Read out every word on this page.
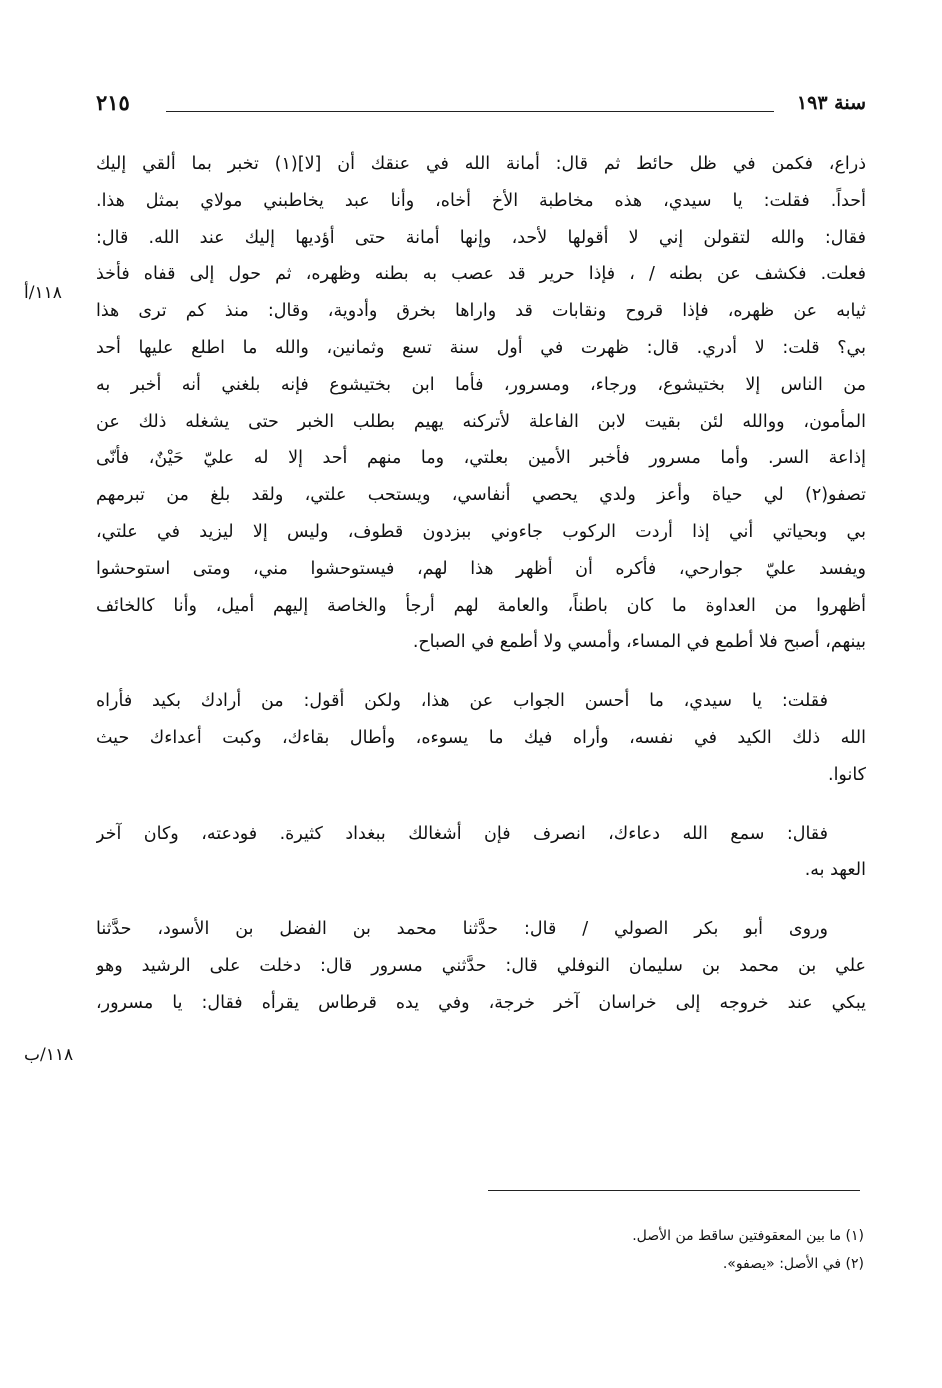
سنة ١٩٣
٢١٥
١١٨/أ
١١٨/ب
ذراع، فكمن في ظل حائط ثم قال: أمانة الله في عنقك أن [لا](١) تخبر بما ألقي إليك
أحداً. فقلت: يا سيدي، هذه مخاطبة الأخ أخاه، وأنا عبد يخاطبني مولاي بمثل هذا.
فقال: والله لتقولن إني لا أقولها لأحد، وإنها أمانة حتى أؤديها إليك عند الله. قال:
فعلت. فكشف عن بطنه / ، فإذا حرير قد عصب به بطنه وظهره، ثم حول إلى قفاه فأخذ
ثيابه عن ظهره، فإذا قروح ونقابات قد واراها بخرق وأدوية، وقال: منذ كم ترى هذا
بي؟ قلت: لا أدري. قال: ظهرت في أول سنة تسع وثمانين، والله ما اطلع عليها أحد
من الناس إلا بختيشوع، ورجاء، ومسرور، فأما ابن بختيشوع فإنه بلغني أنه أخبر به
المأمون، ووالله لئن بقيت لابن الفاعلة لأتركنه يهيم بطلب الخبر حتى يشغله ذلك عن
إذاعة السر. وأما مسرور فأخبر الأمين بعلتي، وما منهم أحد إلا له عليّ حَيْنٌ، فأنّى
تصفو(٢) لي حياة وأعز ولدي يحصي أنفاسي، ويستحب علتي، ولقد بلغ من تبرمهم
بي وبحياتي أني إذا أردت الركوب جاءوني ببزدون قطوف، وليس إلا ليزيد في علتي،
ويفسد عليّ جوارحي، فأكره أن أظهر هذا لهم، فيستوحشوا مني، ومتى استوحشوا
أظهروا من العداوة ما كان باطناً، والعامة لهم أرجأ والخاصة إليهم أميل، وأنا كالخائف
بينهم، أصبح فلا أطمع في المساء، وأمسي ولا أطمع في الصباح.
فقلت: يا سيدي، ما أحسن الجواب عن هذا، ولكن أقول: من أرادك بكيد فأراه
الله ذلك الكيد في نفسه، وأراه فيك ما يسوءه، وأطال بقاءك، وكبت أعداءك حيث
كانوا.
فقال: سمع الله دعاءك، انصرف فإن أشغالك ببغداد كثيرة. فودعته، وكان آخر
العهد به.
وروى أبو بكر الصولي / قال: حدَّثنا محمد بن الفضل بن الأسود، حدَّثنا
علي بن محمد بن سليمان النوفلي قال: حدَّثني مسرور قال: دخلت على الرشيد وهو
يبكي عند خروجه إلى خراسان آخر خرجة، وفي يده قرطاس يقرأه فقال: يا مسرور،
(١) ما بين المعقوفتين ساقط من الأصل.
(٢) في الأصل: «يصفو».
